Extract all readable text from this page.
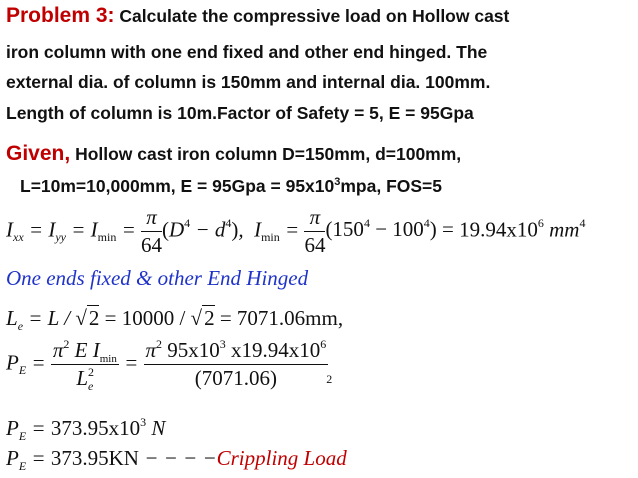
Problem 3: Calculate the compressive load on Hollow cast
iron column with one end fixed and other end hinged. The
external dia. of column is 150mm and internal dia. 100mm.
Length of column is 10m.Factor of Safety = 5, E = 95Gpa
Given, Hollow cast iron column D=150mm, d=100mm,
L=10m=10,000mm, $E = 95Gpa = 95x10^3mpa$, FOS=5
$I_{xx} = I_{yy} = I_{min} = \frac{\pi}{64} (D^4 - d^4)$,  $I_{min} = \frac{\pi}{64} (150^4 - 100^4) = 19.94x10^6$ $mm^4$
One ends fixed & other End Hinged
$L_e = L / √2 = 10000 / √2 = 7071.06mm$,
$P_E = \frac{\pi^2 E I_{min}}{L^2_e} = \frac{\pi^2 95x10^3 x19.94x10^6}{(7071.06)}$
$_2$
$P_E = 373.95x10^3$ N
$P_E = 373.95KN$ − − − −Crippling Load
